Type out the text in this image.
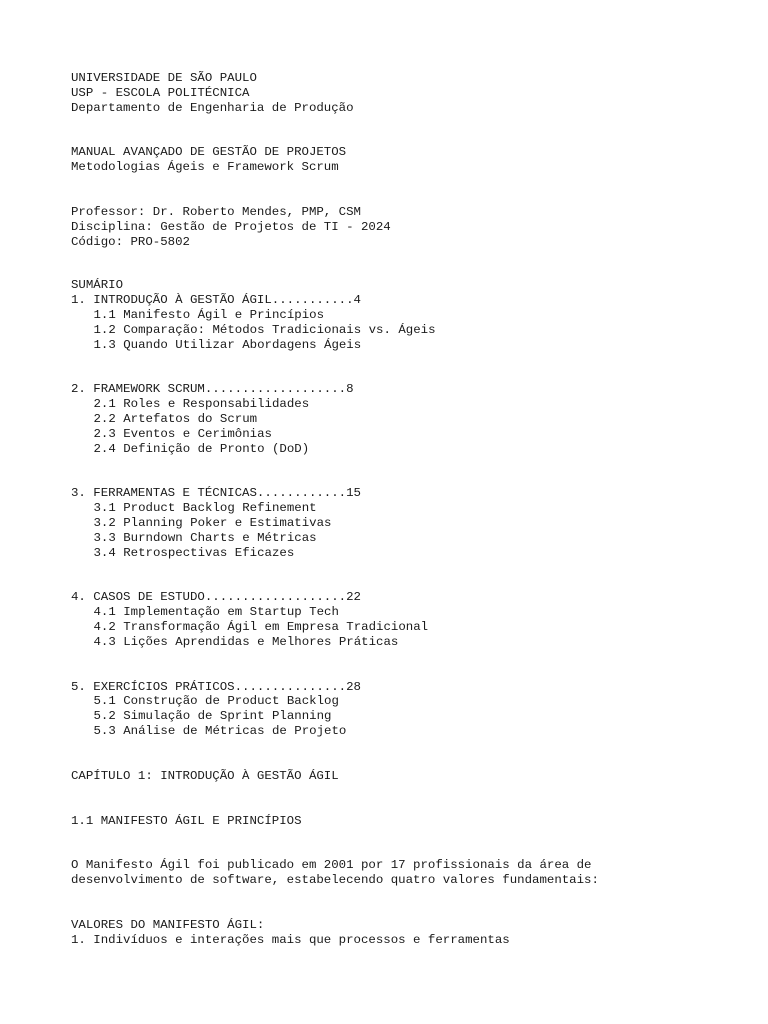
UNIVERSIDADE DE SÃO PAULO
USP - ESCOLA POLITÉCNICA
Departamento de Engenharia de Produção
MANUAL AVANÇADO DE GESTÃO DE PROJETOS
Metodologias Ágeis e Framework Scrum
Professor: Dr. Roberto Mendes, PMP, CSM
Disciplina: Gestão de Projetos de TI - 2024
Código: PRO-5802
SUMÁRIO
1. INTRODUÇÃO À GESTÃO ÁGIL...........4
1.1 Manifesto Ágil e Princípios
1.2 Comparação: Métodos Tradicionais vs. Ágeis
1.3 Quando Utilizar Abordagens Ágeis
2. FRAMEWORK SCRUM...................8
2.1 Roles e Responsabilidades
2.2 Artefatos do Scrum
2.3 Eventos e Cerimônias
2.4 Definição de Pronto (DoD)
3. FERRAMENTAS E TÉCNICAS............15
3.1 Product Backlog Refinement
3.2 Planning Poker e Estimativas
3.3 Burndown Charts e Métricas
3.4 Retrospectivas Eficazes
4. CASOS DE ESTUDO...................22
4.1 Implementação em Startup Tech
4.2 Transformação Ágil em Empresa Tradicional
4.3 Lições Aprendidas e Melhores Práticas
5. EXERCÍCIOS PRÁTICOS...............28
5.1 Construção de Product Backlog
5.2 Simulação de Sprint Planning
5.3 Análise de Métricas de Projeto
CAPÍTULO 1: INTRODUÇÃO À GESTÃO ÁGIL
1.1 MANIFESTO ÁGIL E PRINCÍPIOS
O Manifesto Ágil foi publicado em 2001 por 17 profissionais da área de
desenvolvimento de software, estabelecendo quatro valores fundamentais:
VALORES DO MANIFESTO ÁGIL:
1. Indivíduos e interações mais que processos e ferramentas
